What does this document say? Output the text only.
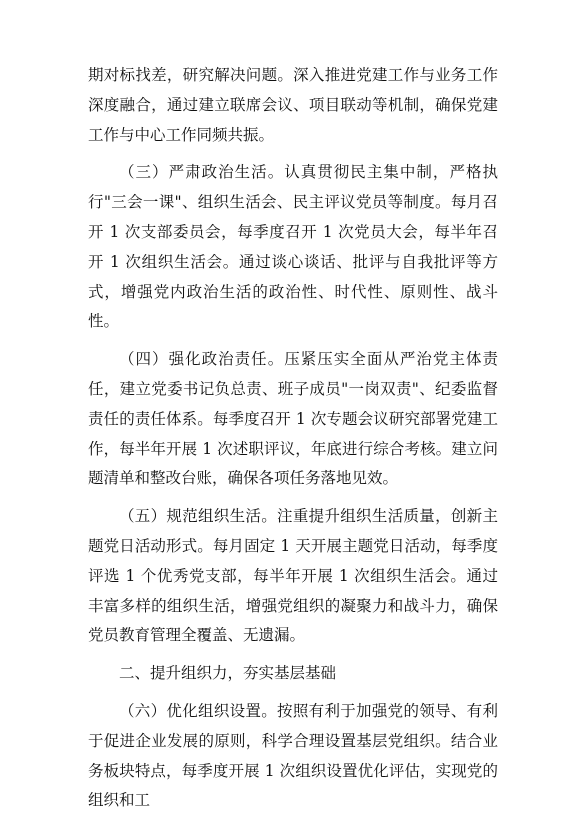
期对标找差，研究解决问题。深入推进党建工作与业务工作深度融合，通过建立联席会议、项目联动等机制，确保党建工作与中心工作同频共振。

（三）严肃政治生活。认真贯彻民主集中制，严格执行"三会一课"、组织生活会、民主评议党员等制度。每月召开 1 次支部委员会，每季度召开 1 次党员大会，每半年召开 1 次组织生活会。通过谈心谈话、批评与自我批评等方式，增强党内政治生活的政治性、时代性、原则性、战斗性。

（四）强化政治责任。压紧压实全面从严治党主体责任，建立党委书记负总责、班子成员"一岗双责"、纪委监督责任的责任体系。每季度召开 1 次专题会议研究部署党建工作，每半年开展 1 次述职评议，年底进行综合考核。建立问题清单和整改台账，确保各项任务落地见效。

（五）规范组织生活。注重提升组织生活质量，创新主题党日活动形式。每月固定 1 天开展主题党日活动，每季度评选 1 个优秀党支部，每半年开展 1 次组织生活会。通过丰富多样的组织生活，增强党组织的凝聚力和战斗力，确保党员教育管理全覆盖、无遗漏。

二、提升组织力，夯实基层基础

（六）优化组织设置。按照有利于加强党的领导、有利于促进企业发展的原则，科学合理设置基层党组织。结合业务板块特点，每季度开展 1 次组织设置优化评估，实现党的组织和工
